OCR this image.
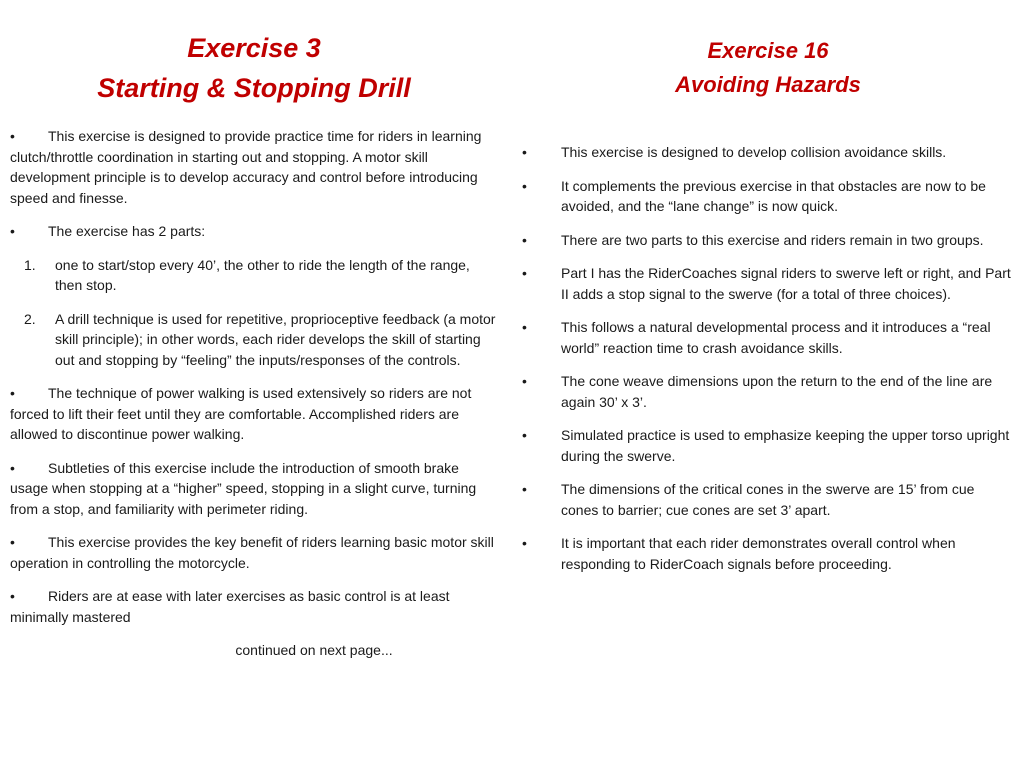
Exercise 3
Starting & Stopping Drill

• This exercise is designed to provide practice time for riders in learning clutch/throttle coordination in starting out and stopping. A motor skill development principle is to develop accuracy and control before introducing speed and finesse.

• The exercise has 2 parts:

1. one to start/stop every 40’, the other to ride the length of the range, then stop.
2. A drill technique is used for repetitive, proprioceptive feedback (a motor skill principle); in other words, each rider develops the skill of starting out and stopping by “feeling” the inputs/responses of the controls.

• The technique of power walking is used extensively so riders are not forced to lift their feet until they are comfortable. Accomplished riders are allowed to discontinue power walking.

• Subtleties of this exercise include the introduction of smooth brake usage when stopping at a “higher” speed, stopping in a slight curve, turning from a stop, and familiarity with perimeter riding.

• This exercise provides the key benefit of riders learning basic motor skill operation in controlling the motorcycle.

• Riders are at ease with later exercises as basic control is at least minimally mastered

continued on next page...
Exercise 16
Avoiding Hazards
• This exercise is designed to develop collision avoidance skills.
• It complements the previous exercise in that obstacles are now to be avoided, and the “lane change” is now quick.
• There are two parts to this exercise and riders remain in two groups.
• Part I has the RiderCoaches signal riders to swerve left or right, and Part II adds a stop signal to the swerve (for a total of three choices).
• This follows a natural developmental process and it introduces a “real world” reaction time to crash avoidance skills.
• The cone weave dimensions upon the return to the end of the line are again 30’ x 3’.
• Simulated practice is used to emphasize keeping the upper torso upright during the swerve.
• The dimensions of the critical cones in the swerve are 15’ from cue cones to barrier; cue cones are set 3’ apart.
• It is important that each rider demonstrates overall control when responding to RiderCoach signals before proceeding.
